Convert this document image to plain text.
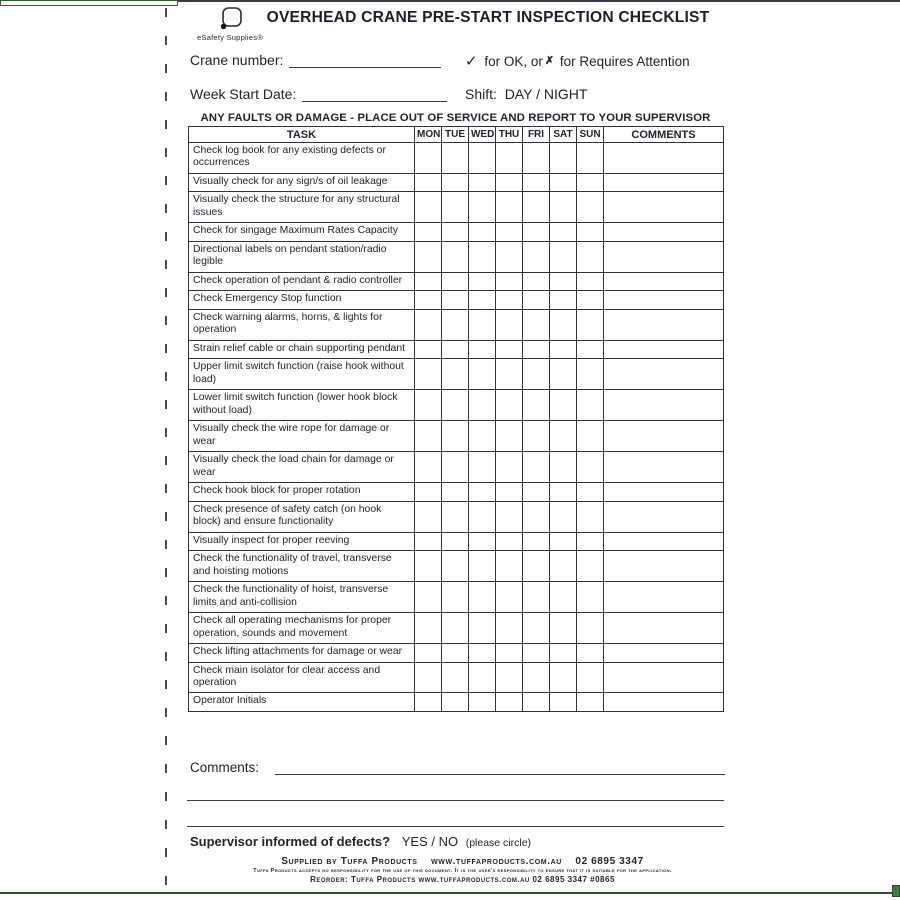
eSafety Supplies®
OVERHEAD CRANE PRE-START INSPECTION CHECKLIST
Crane number:	✓ for OK, or ✗ for Requires Attention
Week Start Date:	Shift: DAY / NIGHT
ANY FAULTS OR DAMAGE - PLACE OUT OF SERVICE AND REPORT TO YOUR SUPERVISOR
TASK	MON	TUE	WED	THU	FRI	SAT	SUN	COMMENTS
Check log book for any existing defects or occurrences								
Visually check for any sign/s of oil leakage								
Visually check the structure for any structural issues								
Check for singage Maximum Rates Capacity								
Directional labels on pendant station/radio legible								
Check operation of pendant & radio controller								
Check Emergency Stop function								
Check warning alarms, horns, & lights for operation								
Strain relief cable or chain supporting pendant								
Upper limit switch function (raise hook without load)								
Lower limit switch function (lower hook block without load)								
Visually check the wire rope for damage or wear								
Visually check the load chain for damage or wear								
Check hook block for proper rotation								
Check presence of safety catch (on hook block) and ensure functionality								
Visually inspect for proper reeving								
Check the functionality of travel, transverse and hoisting motions								
Check the functionality of hoist, transverse limits and anti-collision								
Check all operating mechanisms for proper operation, sounds and movement								
Check lifting attachments for damage or wear								
Check main isolator for clear access and operation								
Operator Initials								
Comments:
Supervisor informed of defects? YES / NO (please circle)
Supplied by Tuffa Products    www.tuffaproducts.com.au    02 6895 3347
Tuffa Products accepts no responsibility for the use of this document. It is the user's responsibility to ensure that it is suitable for the application.
Reorder: Tuffa Products www.tuffaproducts.com.au 02 6895 3347 #0865
